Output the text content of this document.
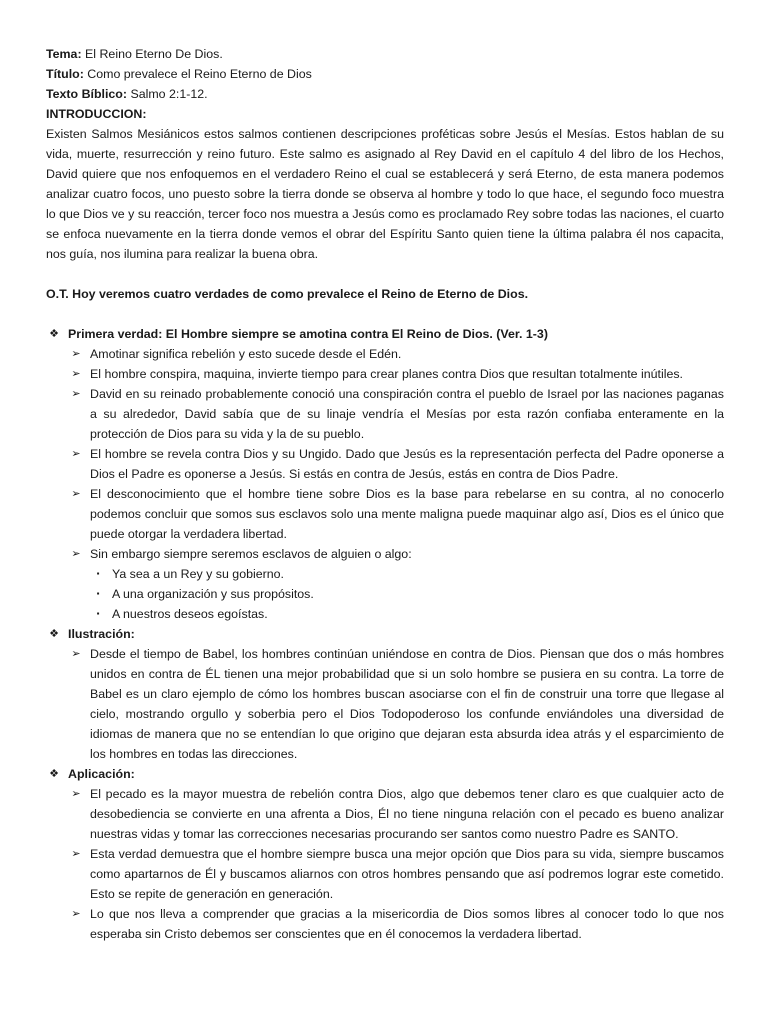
Tema: El Reino Eterno De Dios.

Título: Como prevalece el Reino Eterno de Dios

Texto Bíblico: Salmo 2:1-12.

INTRODUCCION:

Existen Salmos Mesiánicos estos salmos contienen descripciones proféticas sobre Jesús el Mesías. Estos hablan de su vida, muerte, resurrección y reino futuro. Este salmo es asignado al Rey David en el capítulo 4 del libro de los Hechos, David quiere que nos enfoquemos en el verdadero Reino el cual se establecerá y será Eterno, de esta manera podemos analizar cuatro focos, uno puesto sobre la tierra donde se observa al hombre y todo lo que hace, el segundo foco muestra lo que Dios ve y su reacción, tercer foco nos muestra a Jesús como es proclamado Rey sobre todas las naciones, el cuarto se enfoca nuevamente en la tierra donde vemos el obrar del Espíritu Santo quien tiene la última palabra él nos capacita, nos guía, nos ilumina para realizar la buena obra.

O.T. Hoy veremos cuatro verdades de como prevalece el Reino de Eterno de Dios.

❖ Primera verdad: El Hombre siempre se amotina contra El Reino de Dios. (Ver. 1-3)
➢ Amotinar significa rebelión y esto sucede desde el Edén.
➢ El hombre conspira, maquina, invierte tiempo para crear planes contra Dios que resultan totalmente inútiles.
➢ David en su reinado probablemente conoció una conspiración contra el pueblo de Israel por las naciones paganas a su alrededor, David sabía que de su linaje vendría el Mesías por esta razón confiaba enteramente en la protección de Dios para su vida y la de su pueblo.
➢ El hombre se revela contra Dios y su Ungido. Dado que Jesús es la representación perfecta del Padre oponerse a Dios el Padre es oponerse a Jesús. Si estás en contra de Jesús, estás en contra de Dios Padre.
➢ El desconocimiento que el hombre tiene sobre Dios es la base para rebelarse en su contra, al no conocerlo podemos concluir que somos sus esclavos solo una mente maligna puede maquinar algo así, Dios es el único que puede otorgar la verdadera libertad.
➢ Sin embargo siempre seremos esclavos de alguien o algo:
▪	Ya sea a un Rey y su gobierno.
▪	A una organización y sus propósitos.
▪	A nuestros deseos egoístas.
❖ Ilustración:
➢ Desde el tiempo de Babel, los hombres continúan uniéndose en contra de Dios. Piensan que dos o más hombres unidos en contra de ÉL tienen una mejor probabilidad que si un solo hombre se pusiera en su contra. La torre de Babel es un claro ejemplo de cómo los hombres buscan asociarse con el fin de construir una torre que llegase al cielo, mostrando orgullo y soberbia pero el Dios Todopoderoso los confunde enviándoles una diversidad de idiomas de manera que no se entendían lo que origino que dejaran esta absurda idea atrás y el esparcimiento de los hombres en todas las direcciones.
❖ Aplicación:
➢ El pecado es la mayor muestra de rebelión contra Dios, algo que debemos tener claro es que cualquier acto de desobediencia se convierte en una afrenta a Dios, Él no tiene ninguna relación con el pecado es bueno analizar nuestras vidas y tomar las correcciones necesarias procurando ser santos como nuestro Padre es SANTO.
➢ Esta verdad demuestra que el hombre siempre busca una mejor opción que Dios para su vida, siempre buscamos como apartarnos de Él y buscamos aliarnos con otros hombres pensando que así podremos lograr este cometido. Esto se repite de generación en generación.
➢ Lo que nos lleva a comprender que gracias a la misericordia de Dios somos libres al conocer todo lo que nos esperaba sin Cristo debemos ser conscientes que en él conocemos la verdadera libertad.
